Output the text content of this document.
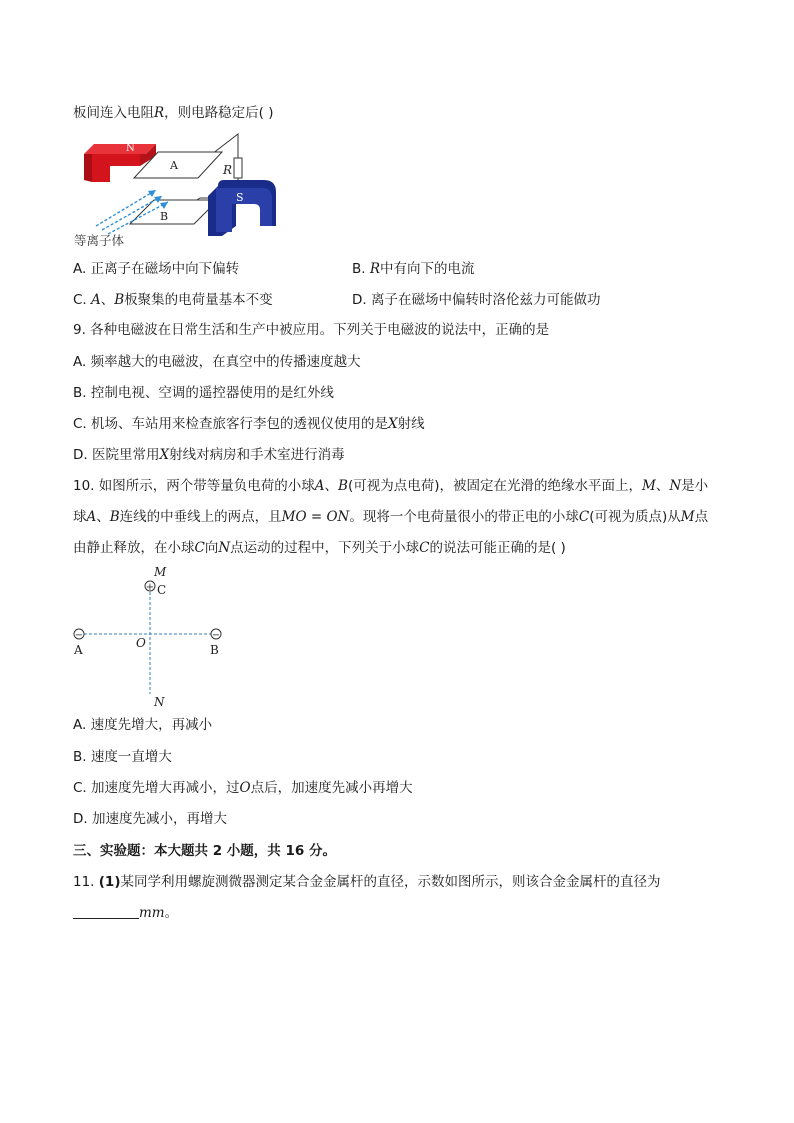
板间连入电阻R，则电路稳定后( )
R
N
A
B
S
等离子体
A. 正离子在磁场中向下偏转	B. R中有向下的电流
C. A、B板聚集的电荷量基本不变	D. 离子在磁场中偏转时洛伦兹力可能做功
9. 各种电磁波在日常生活和生产中被应用。下列关于电磁波的说法中，正确的是
A. 频率越大的电磁波，在真空中的传播速度越大
B. 控制电视、空调的遥控器使用的是红外线
C. 机场、车站用来检查旅客行李包的透视仪使用的是X射线
D. 医院里常用X射线对病房和手术室进行消毒
10. 如图所示，两个带等量负电荷的小球A、B(可视为点电荷)，被固定在光滑的绝缘水平面上，M、N是小
球A、B连线的中垂线上的两点，且MO = ON。现将一个电荷量很小的带正电的小球C(可视为质点)从M点
由静止释放，在小球C向N点运动的过程中，下列关于小球C的说法可能正确的是( )
−	−
+
M
C
A	O	B
N
A. 速度先增大，再减小
B. 速度一直增大
C. 加速度先增大再减小，过O点后，加速度先减小再增大
D. 加速度先减小，再增大
三、实验题：本大题共 2 小题，共 16 分。
11. (1)某同学利用螺旋测微器测定某合金金属杆的直径，示数如图所示，则该合金金属杆的直径为
mm。
